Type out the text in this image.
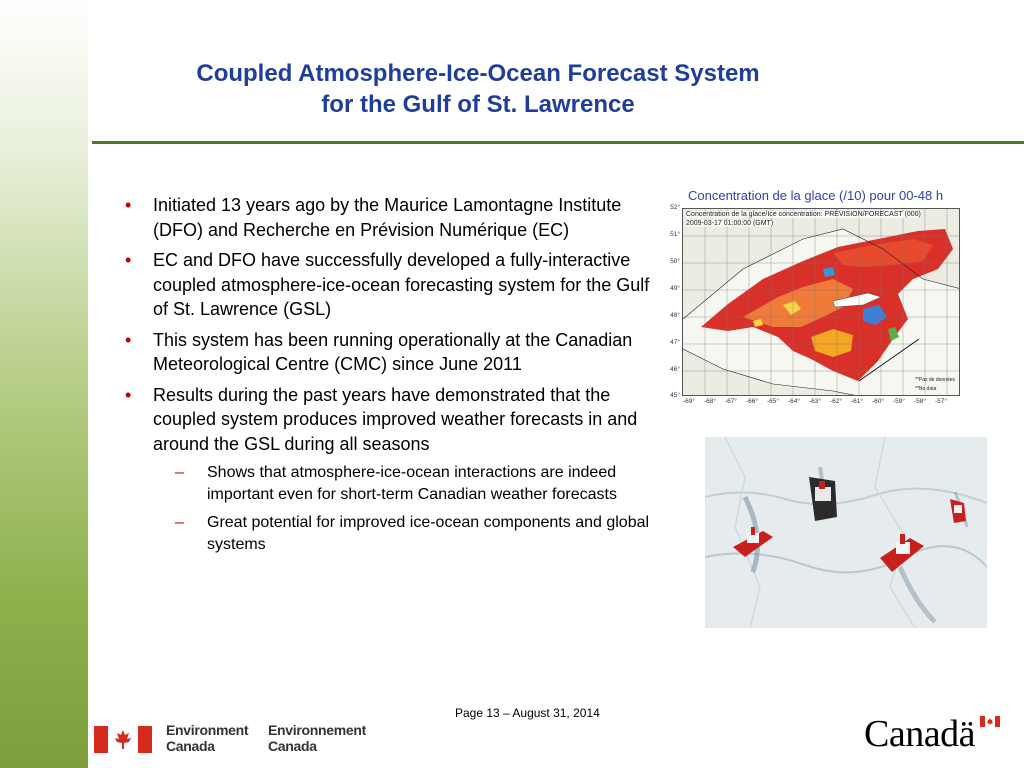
Coupled Atmosphere-Ice-Ocean Forecast System
for the Gulf of St. Lawrence
• Initiated 13 years ago by the Maurice Lamontagne Institute (DFO) and Recherche en Prévision Numérique (EC)
• EC and DFO have successfully developed a fully-interactive coupled atmosphere-ice-ocean forecasting system for the Gulf of St. Lawrence (GSL)
• This system has been running operationally at the Canadian Meteorological Centre (CMC) since June 2011
• Results during the past years have demonstrated that the coupled system produces improved weather forecasts in and around the GSL during all seasons
– Shows that atmosphere-ice-ocean interactions are indeed important even for short-term Canadian weather forecasts
– Great potential for improved ice-ocean components and global systems
Concentration de la glace (/10) pour 00-48 h
52°
51°
50°
49°
48°
47°
46°
45°
Concentration de la glace/Ice concentration: PRÉVISION/FORECAST (000)
2009-03-17 01:00:00 (GMT)
**Pas de données
**No data
-69°	-68°	-67°	-66°	-65°	-64°	-63°	-62°	-61°	-60°	-59°	-58°	-57°
Page 13 – August 31, 2014
Environment
Canada
Environnement
Canada	Canadä
